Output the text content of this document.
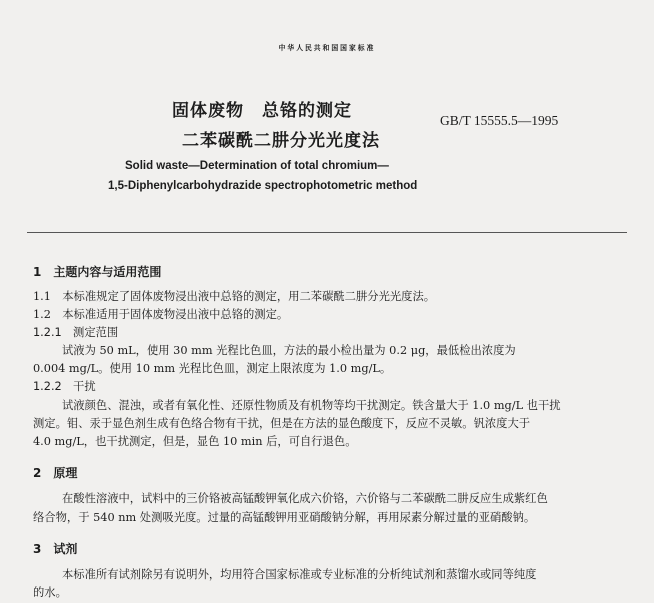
中华人民共和国国家标准
固体废物　总铬的测定
二苯碳酰二肼分光光度法
GB/T 15555.5—1995
Solid waste—Determination of total chromium—
1,5-Diphenylcarbohydrazide spectrophotometric method
1　主题内容与适用范围
1.1　本标准规定了固体废物浸出液中总铬的测定，用二苯碳酰二肼分光光度法。
1.2　本标准适用于固体废物浸出液中总铬的测定。
1.2.1　测定范围
试液为 50 mL，使用 30 mm 光程比色皿，方法的最小检出量为 0.2 μg，最低检出浓度为
0.004 mg/L。使用 10 mm 光程比色皿，测定上限浓度为 1.0 mg/L。
1.2.2　干扰
试液颜色、混浊，或者有氧化性、还原性物质及有机物等均干扰测定。铁含量大于 1.0 mg/L 也干扰
测定。钼、汞于显色剂生成有色络合物有干扰，但是在方法的显色酸度下，反应不灵敏。钒浓度大于
4.0 mg/L，也干扰测定，但是，显色 10 min 后，可自行退色。
2　原理
在酸性溶液中，试料中的三价铬被高锰酸钾氧化成六价铬，六价铬与二苯碳酰二肼反应生成紫红色
络合物，于 540 nm 处测吸光度。过量的高锰酸钾用亚硝酸钠分解，再用尿素分解过量的亚硝酸钠。
3　试剂
本标准所有试剂除另有说明外，均用符合国家标准或专业标准的分析纯试剂和蒸馏水或同等纯度
的水。
